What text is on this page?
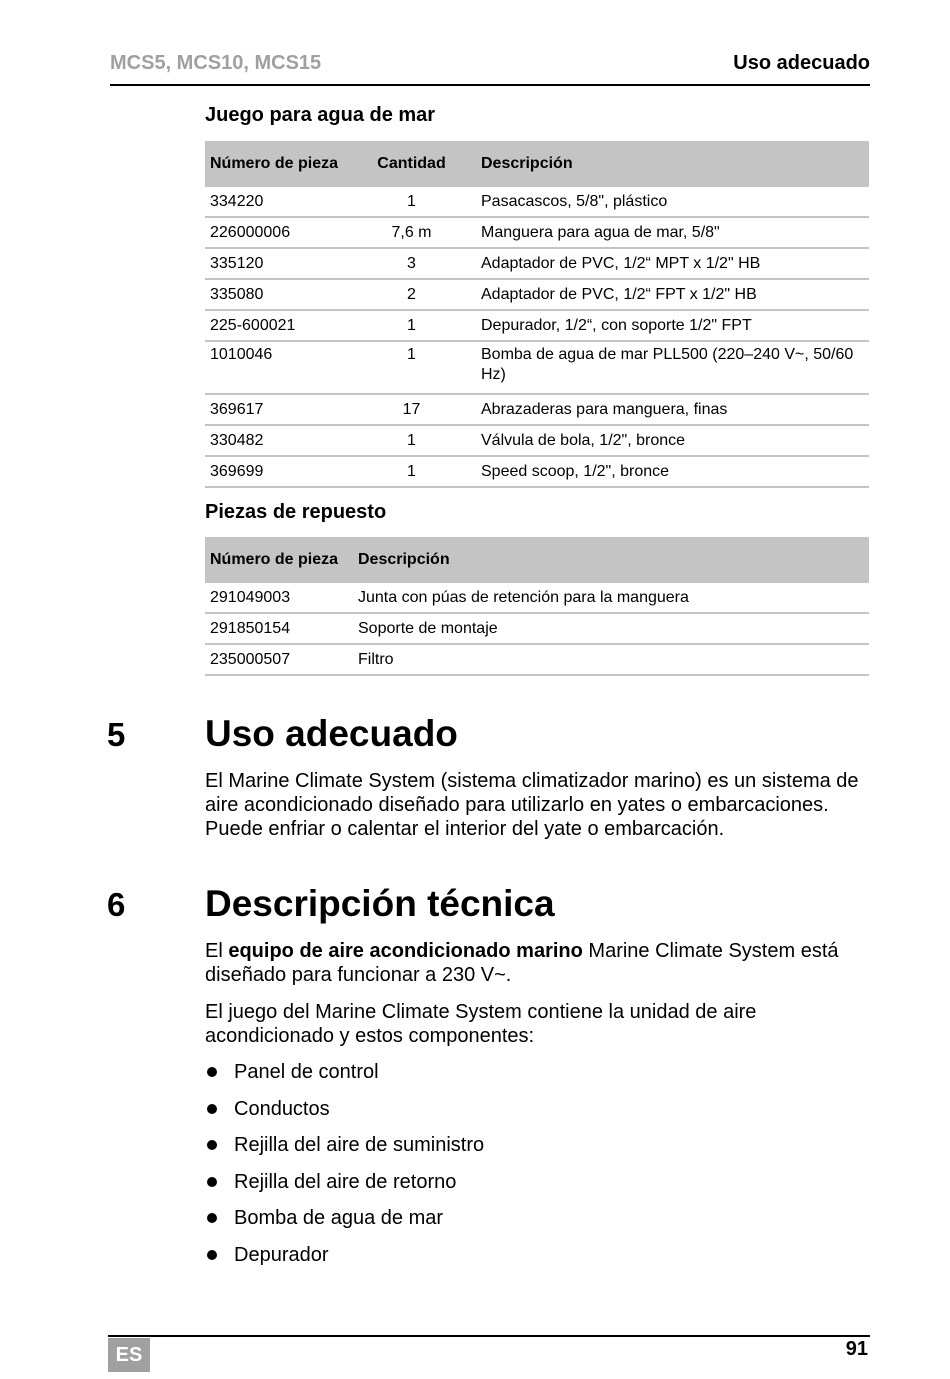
MCS5, MCS10, MCS15	Uso adecuado
Juego para agua de mar
Número de pieza	Cantidad	Descripción
334220	1	Pasacascos, 5/8", plástico
226000006	7,6 m	Manguera para agua de mar, 5/8"
335120	3	Adaptador de PVC, 1/2“ MPT x 1/2" HB
335080	2	Adaptador de PVC, 1/2“ FPT x 1/2" HB
225-600021	1	Depurador, 1/2“, con soporte 1/2" FPT
1010046	1	Bomba de agua de mar PLL500 (220–240 V~, 50/60 Hz)
369617	17	Abrazaderas para manguera, finas
330482	1	Válvula de bola, 1/2", bronce
369699	1	Speed scoop, 1/2", bronce
Piezas de repuesto
Número de pieza	Descripción
291049003	Junta con púas de retención para la manguera
291850154	Soporte de montaje
235000507	Filtro
5 Uso adecuado
El Marine Climate System (sistema climatizador marino) es un sistema de aire acondicionado diseñado para utilizarlo en yates o embarcaciones. Puede enfriar o calentar el interior del yate o embarcación.
6 Descripción técnica
El equipo de aire acondicionado marino Marine Climate System está diseñado para funcionar a 230 V~.
El juego del Marine Climate System contiene la unidad de aire acondicionado y estos componentes:
Panel de control
Conductos
Rejilla del aire de suministro
Rejilla del aire de retorno
Bomba de agua de mar
Depurador
ES	91
